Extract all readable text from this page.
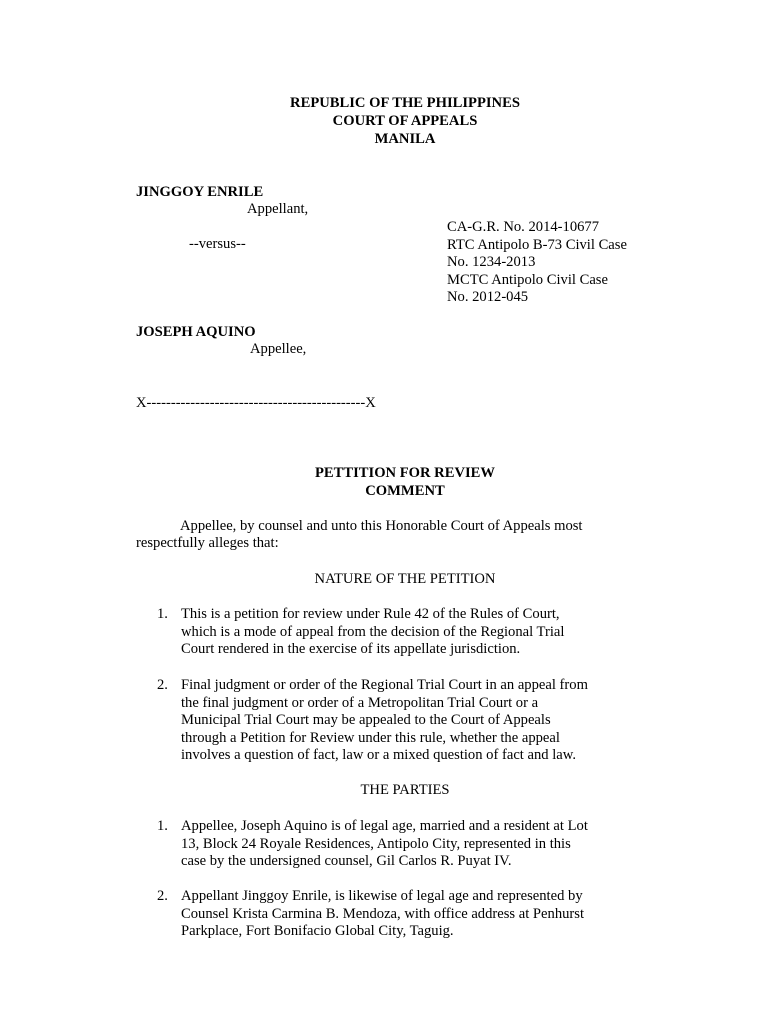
REPUBLIC OF THE PHILIPPINES
COURT OF APPEALS
MANILA
JINGGOY ENRILE
Appellant,
--versus--
JOSEPH AQUINO
Appellee,
CA-G.R. No. 2014-10677
RTC Antipolo B-73 Civil Case
No. 1234-2013
MCTC Antipolo Civil Case
No. 2012-045
X---------------------------------------------X
PETTITION FOR REVIEW
COMMENT
Appellee, by counsel and unto this Honorable Court of Appeals most
respectfully alleges that:
NATURE OF THE PETITION
1. This is a petition for review under Rule 42 of the Rules of Court,
which is a mode of appeal from the decision of the Regional Trial
Court rendered in the exercise of its appellate jurisdiction.
2. Final judgment or order of the Regional Trial Court in an appeal from
the final judgment or order of a Metropolitan Trial Court or a
Municipal Trial Court may be appealed to the Court of Appeals
through a Petition for Review under this rule, whether the appeal
involves a question of fact, law or a mixed question of fact and law.
THE PARTIES
1. Appellee, Joseph Aquino is of legal age, married and a resident at Lot
13, Block 24 Royale Residences, Antipolo City, represented in this
case by the undersigned counsel, Gil Carlos R. Puyat IV.
2. Appellant Jinggoy Enrile, is likewise of legal age and represented by
Counsel Krista Carmina B. Mendoza, with office address at Penhurst
Parkplace, Fort Bonifacio Global City, Taguig.
